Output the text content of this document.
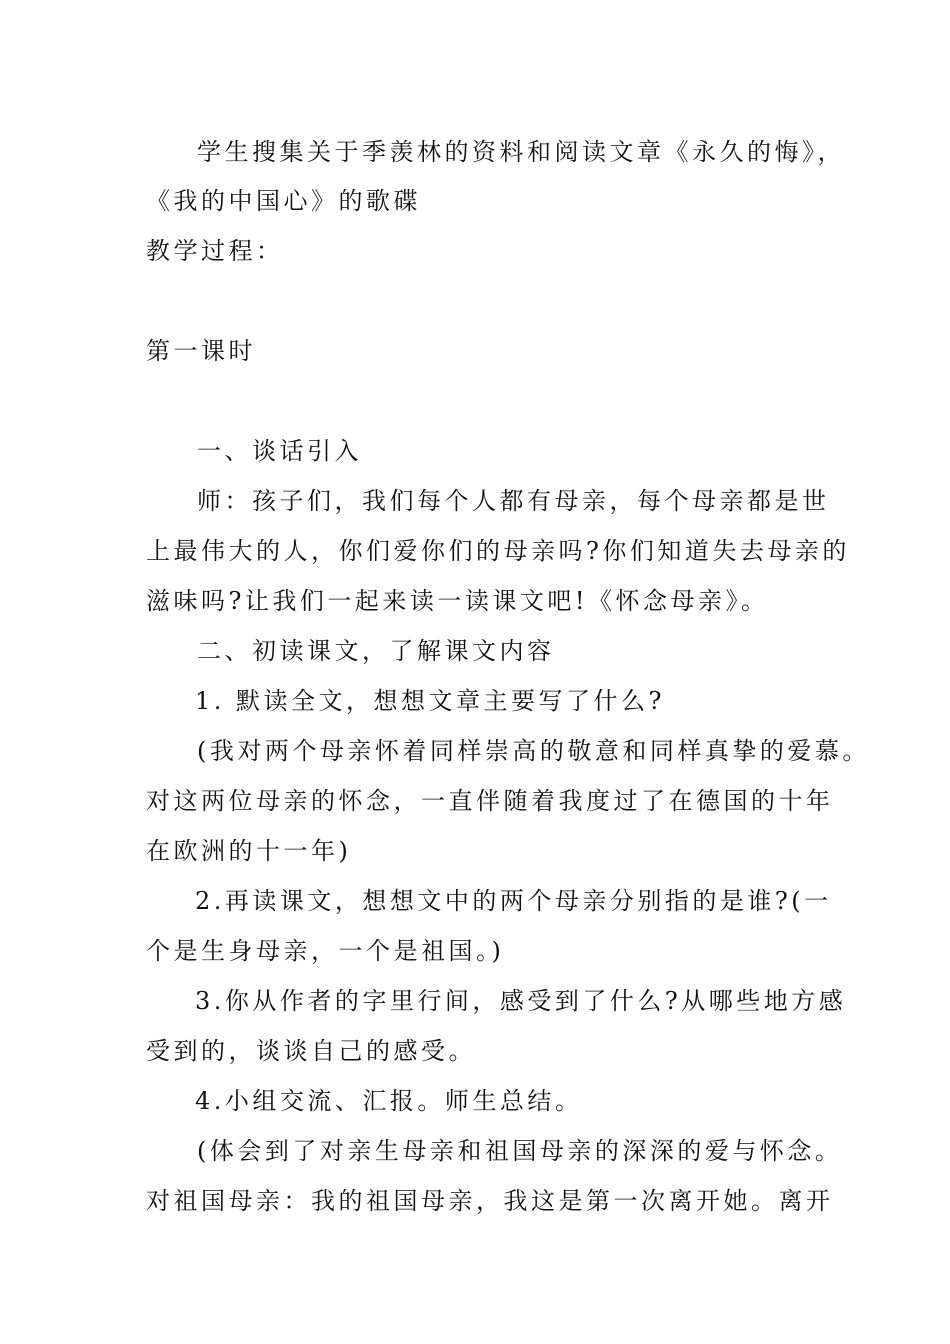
学生搜集关于季羡林的资料和阅读文章《永久的悔》，

《我的中国心》的歌碟

教学过程：

第一课时

一、谈话引入

师：孩子们，我们每个人都有母亲，每个母亲都是世

上最伟大的人，你们爱你们的母亲吗?你们知道失去母亲的

滋味吗?让我们一起来读一读课文吧!《怀念母亲》。

二、初读课文，了解课文内容

1. 默读全文，想想文章主要写了什么?

(我对两个母亲怀着同样崇高的敬意和同样真挚的爱慕。

对这两位母亲的怀念，一直伴随着我度过了在德国的十年

在欧洲的十一年)

2.再读课文，想想文中的两个母亲分别指的是谁?(一

个是生身母亲，一个是祖国。)

3.你从作者的字里行间，感受到了什么?从哪些地方感

受到的，谈谈自己的感受。

4.小组交流、汇报。师生总结。

(体会到了对亲生母亲和祖国母亲的深深的爱与怀念。

对祖国母亲：我的祖国母亲，我这是第一次离开她。离开
